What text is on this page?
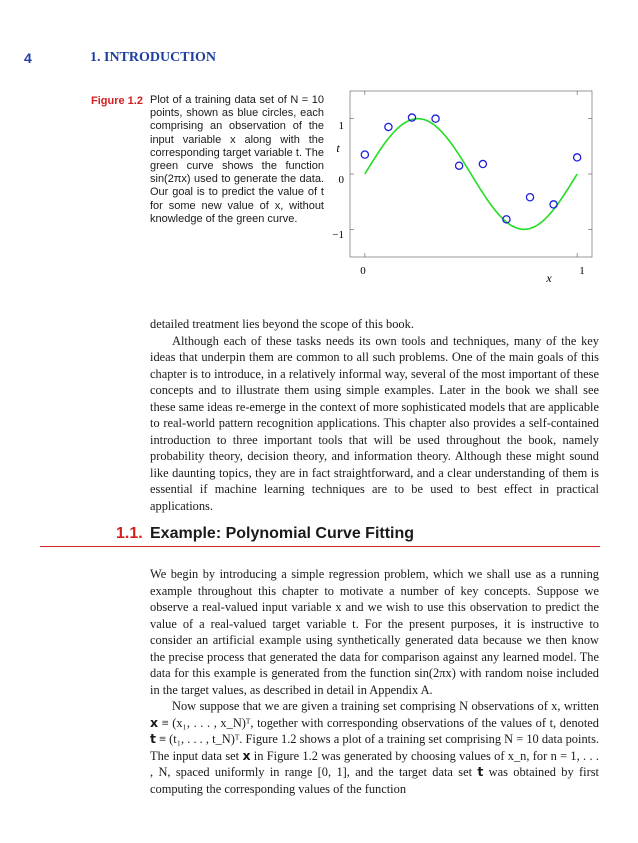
4	1. INTRODUCTION
Figure 1.2 Plot of a training data set of N = 10 points, shown as blue circles, each comprising an observation of the input variable x along with the corresponding target variable t. The green curve shows the function sin(2πx) used to generate the data. Our goal is to predict the value of t for some new value of x, without knowledge of the green curve.
1
0
−1
0	1
x
t

detailed treatment lies beyond the scope of this book.

Although each of these tasks needs its own tools and techniques, many of the key ideas that underpin them are common to all such problems. One of the main goals of this chapter is to introduce, in a relatively informal way, several of the most important of these concepts and to illustrate them using simple examples. Later in the book we shall see these same ideas re-emerge in the context of more sophisticated models that are applicable to real-world pattern recognition applications. This chapter also provides a self-contained introduction to three important tools that will be used throughout the book, namely probability theory, decision theory, and information theory. Although these might sound like daunting topics, they are in fact straightforward, and a clear understanding of them is essential if machine learning techniques are to be used to best effect in practical applications.

1.1. Example: Polynomial Curve Fitting

We begin by introducing a simple regression problem, which we shall use as a running example throughout this chapter to motivate a number of key concepts. Suppose we observe a real-valued input variable x and we wish to use this observation to predict the value of a real-valued target variable t. For the present purposes, it is instructive to consider an artificial example using synthetically generated data because we then know the precise process that generated the data for comparison against any learned model. The data for this example is generated from the function sin(2πx) with random noise included in the target values, as described in detail in Appendix A.

Now suppose that we are given a training set comprising N observations of x, written 𝘅 ≡ (x₁, . . . , x_N)ᵀ, together with corresponding observations of the values of t, denoted 𝘁 ≡ (t₁, . . . , t_N)ᵀ. Figure 1.2 shows a plot of a training set comprising N = 10 data points. The input data set 𝘅 in Figure 1.2 was generated by choosing values of x_n, for n = 1, . . . , N, spaced uniformly in range [0, 1], and the target data set 𝘁 was obtained by first computing the corresponding values of the function
